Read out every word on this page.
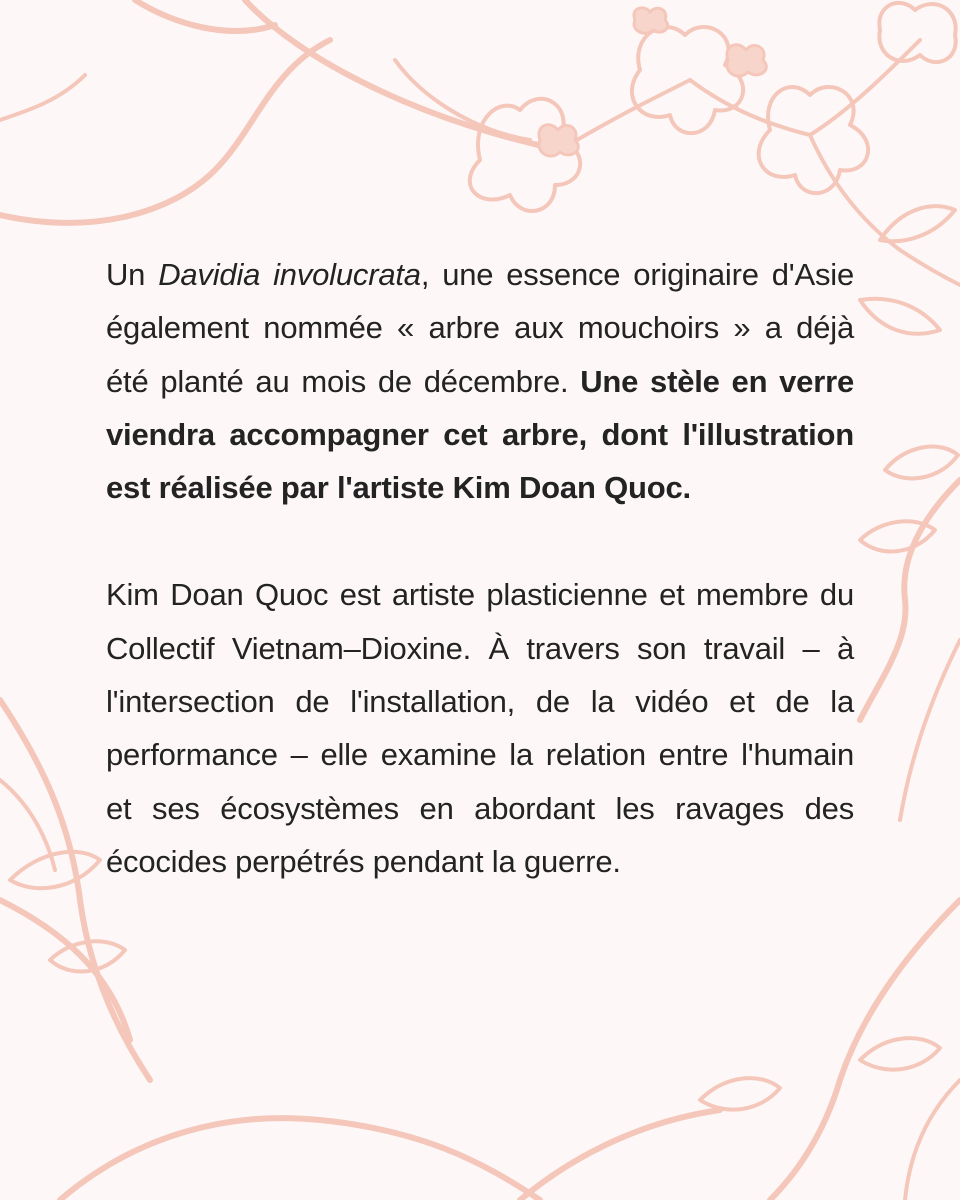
Un Davidia involucrata, une essence originaire d'Asie également nommée « arbre aux mouchoirs » a déjà été planté au mois de décembre. Une stèle en verre viendra accompagner cet arbre, dont l'illustration est réalisée par l'artiste Kim Doan Quoc.

Kim Doan Quoc est artiste plasticienne et membre du Collectif Vietnam–Dioxine. À travers son travail – à l'intersection de l'installation, de la vidéo et de la performance – elle examine la relation entre l'humain et ses écosystèmes en abordant les ravages des écocides perpétrés pendant la guerre.
